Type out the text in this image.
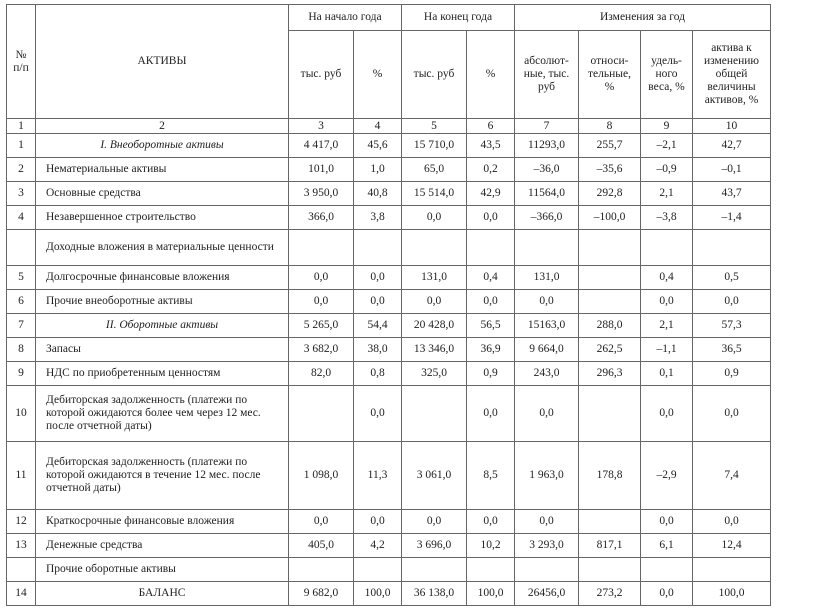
№ п/п	АКТИВЫ	На начало года		На конец года		Изменения за год			
		тыс. руб	%	тыс. руб	%	абсолют-ные, тыс. руб	относи-тельные, %	удель-ного веса, %	актива к изменению общей величины активов, %
1	2	3	4	5	6	7	8	9	10
1	I. Внеоборотные активы	4 417,0	45,6	15 710,0	43,5	11293,0	255,7	–2,1	42,7
2	Нематериальные активы	101,0	1,0	65,0	0,2	–36,0	–35,6	–0,9	–0,1
3	Основные средства	3 950,0	40,8	15 514,0	42,9	11564,0	292,8	2,1	43,7
4	Незавершенное строительство	366,0	3,8	0,0	0,0	–366,0	–100,0	–3,8	–1,4
	Доходные вложения в материальные ценности								
5	Долгосрочные финансовые вложения	0,0	0,0	131,0	0,4	131,0		0,4	0,5
6	Прочие внеоборотные активы	0,0	0,0	0,0	0,0	0,0		0,0	0,0
7	II. Оборотные активы	5 265,0	54,4	20 428,0	56,5	15163,0	288,0	2,1	57,3
8	Запасы	3 682,0	38,0	13 346,0	36,9	9 664,0	262,5	–1,1	36,5
9	НДС по приобретенным ценностям	82,0	0,8	325,0	0,9	243,0	296,3	0,1	0,9
10	Дебиторская задолженность (платежи по которой ожидаются более чем через 12 мес. после отчетной даты)		0,0		0,0	0,0		0,0	0,0
11	Дебиторская задолженность (платежи по которой ожидаются в течение 12 мес. после отчетной даты)	1 098,0	11,3	3 061,0	8,5	1 963,0	178,8	–2,9	7,4
12	Краткосрочные финансовые вложения	0,0	0,0	0,0	0,0	0,0		0,0	0,0
13	Денежные средства	405,0	4,2	3 696,0	10,2	3 293,0	817,1	6,1	12,4
	Прочие оборотные активы								
14	БАЛАНС	9 682,0	100,0	36 138,0	100,0	26456,0	273,2	0,0	100,0
